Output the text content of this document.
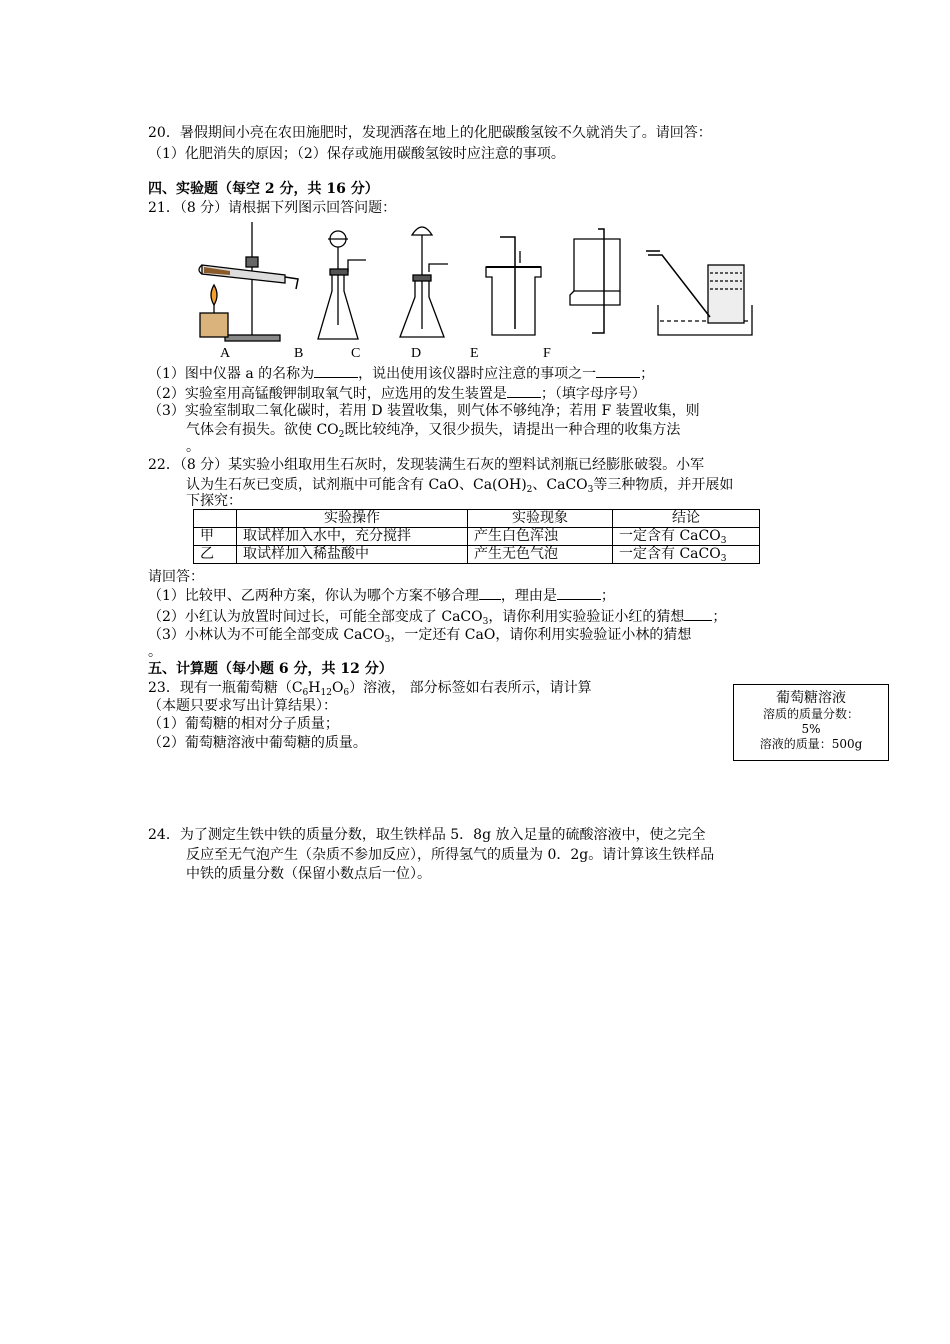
20．暑假期间小亮在农田施肥时，发现洒落在地上的化肥碳酸氢铵不久就消失了。请回答：
（1）化肥消失的原因；（2）保存或施用碳酸氢铵时应注意的事项。
四、实验题（每空 2 分，共 16 分）
21．（8 分）请根据下列图示回答问题：
A	B	C	D	E	F
（1）图中仪器 a 的名称为	，说出使用该仪器时应注意的事项之一	；
（2）实验室用高锰酸钾制取氧气时，应选用的发生装置是 ；（填字母序号）
（3）实验室制取二氧化碳时，若用 D 装置收集，则气体不够纯净；若用 F 装置收集，则
气体会有损失。欲使 $CO_2$既比较纯净，又很少损失，请提出一种合理的收集方法
。
22．（8 分）某实验小组取用生石灰时，发现装满生石灰的塑料试剂瓶已经膨胀破裂。小军
认为生石灰已变质，试剂瓶中可能含有 CaO、$Ca(OH)_2$、CaCO$_3$等三种物质，并开展如
下探究：
	实验操作	实验现象	结论
甲	取试样加入水中，充分搅拌	产生白色浑浊	一定含有 CaCO$_3$
乙	取试样加入稀盐酸中	产生无色气泡	一定含有 CaCO$_3$
请回答：
（1）比较甲、乙两种方案，你认为哪个方案不够合理 ，理由是	；
（2）小红认为放置时间过长，可能全部变成了 CaCO$_3$，请你利用实验验证小红的猜想 ；
（3）小林认为不可能全部变成 CaCO$_3$，一定还有 CaO，请你利用实验验证小林的猜想
。
五、计算题（每小题 6 分，共 12 分）
23．现有一瓶葡萄糖$(C_6H_{12}O_6)$溶液， 部分标签如右表所示，请计算
（本题只要求写出计算结果）：
（1）葡萄糖的相对分子质量；
（2）葡萄糖溶液中葡萄糖的质量。
葡萄糖溶液
溶质的质量分数：
5%
溶液的质量：500g
24．为了测定生铁中铁的质量分数，取生铁样品 5．8g 放入足量的硫酸溶液中，使之完全
反应至无气泡产生（杂质不参加反应），所得氢气的质量为 0．2g。请计算该生铁样品
中铁的质量分数（保留小数点后一位）。
